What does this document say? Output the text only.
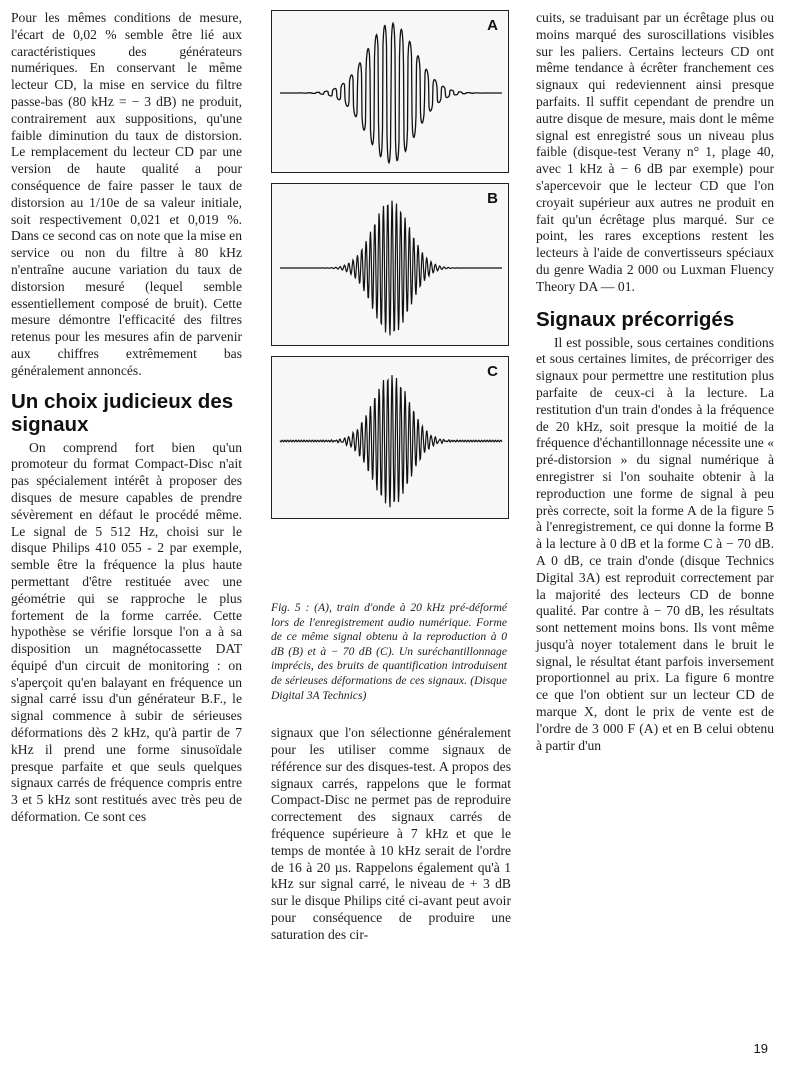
Pour les mêmes conditions de mesure, l'écart de 0,02 % semble être lié aux caractéristiques des générateurs numériques. En conservant le même lecteur CD, la mise en service du filtre passe-bas (80 kHz = − 3 dB) ne produit, contrairement aux suppositions, qu'une faible diminution du taux de distorsion. Le remplacement du lecteur CD par une version de haute qualité a pour conséquence de faire passer le taux de distorsion au 1/10e de sa valeur initiale, soit respectivement 0,021 et 0,019 %. Dans ce second cas on note que la mise en service ou non du filtre à 80 kHz n'entraîne aucune variation du taux de distorsion mesuré (lequel semble essentiellement composé de bruit). Cette mesure démontre l'efficacité des filtres retenus pour les mesures afin de parvenir aux chiffres extrêmement bas généralement annoncés.

Un choix judicieux des signaux

On comprend fort bien qu'un promoteur du format Compact-Disc n'ait pas spécialement intérêt à proposer des disques de mesure capables de prendre sévèrement en défaut le procédé même. Le signal de 5 512 Hz, choisi sur le disque Philips 410 055 - 2 par exemple, semble être la fréquence la plus haute permettant d'être restituée avec une géométrie qui se rapproche le plus fortement de la forme carrée. Cette hypothèse se vérifie lorsque l'on a à sa disposition un magnétocassette DAT équipé d'un circuit de monitoring : on s'aperçoit qu'en balayant en fréquence un signal carré issu d'un générateur B.F., le signal commence à subir de sérieuses déformations dès 2 kHz, qu'à partir de 7 kHz il prend une forme sinusoïdale presque parfaite et que seuls quelques signaux carrés de fréquence compris entre 3 et 5 kHz sont restitués avec très peu de déformation. Ce sont ces

A
B
C

Fig. 5 : (A), train d'onde à 20 kHz pré-déformé lors de l'enregistrement audio numérique. Forme de ce même signal obtenu à la reproduction à 0 dB (B) et à − 70 dB (C). Un suréchantillonnage imprécis, des bruits de quantification introduisent de sérieuses déformations de ces signaux. (Disque Digital 3A Technics)

signaux que l'on sélectionne généralement pour les utiliser comme signaux de référence sur des disques-test. A propos des signaux carrés, rappelons que le format Compact-Disc ne permet pas de reproduire correctement des signaux carrés de fréquence supérieure à 7 kHz et que le temps de montée à 10 kHz serait de l'ordre de 16 à 20 µs. Rappelons également qu'à 1 kHz sur signal carré, le niveau de + 3 dB sur le disque Philips cité ci-avant peut avoir pour conséquence de produire une saturation des cir-

cuits, se traduisant par un écrêtage plus ou moins marqué des suroscillations visibles sur les paliers. Certains lecteurs CD ont même tendance à écrêter franchement ces signaux qui redeviennent ainsi presque parfaits. Il suffit cependant de prendre un autre disque de mesure, mais dont le même signal est enregistré sous un niveau plus faible (disque-test Verany n° 1, plage 40, avec 1 kHz à − 6 dB par exemple) pour s'apercevoir que le lecteur CD que l'on croyait supérieur aux autres ne produit en fait qu'un écrêtage plus marqué. Sur ce point, les rares exceptions restent les lecteurs à l'aide de convertisseurs spéciaux du genre Wadia 2 000 ou Luxman Fluency Theory DA — 01.

Signaux précorrigés

Il est possible, sous certaines conditions et sous certaines limites, de précorriger des signaux pour permettre une restitution plus parfaite de ceux-ci à la lecture. La restitution d'un train d'ondes à la fréquence de 20 kHz, soit presque la moitié de la fréquence d'échantillonnage nécessite une « pré-distorsion » du signal numérique à enregistrer si l'on souhaite obtenir à la reproduction une forme de signal à peu près correcte, soit la forme A de la figure 5 à l'enregistrement, ce qui donne la forme B à la lecture à 0 dB et la forme C à − 70 dB. A 0 dB, ce train d'onde (disque Technics Digital 3A) est reproduit correctement par la majorité des lecteurs CD de bonne qualité. Par contre à − 70 dB, les résultats sont nettement moins bons. Ils vont même jusqu'à noyer totalement dans le bruit le signal, le résultat étant parfois inversement proportionnel au prix. La figure 6 montre ce que l'on obtient sur un lecteur CD de marque X, dont le prix de vente est de l'ordre de 3 000 F (A) et en B celui obtenu à partir d'un

19
